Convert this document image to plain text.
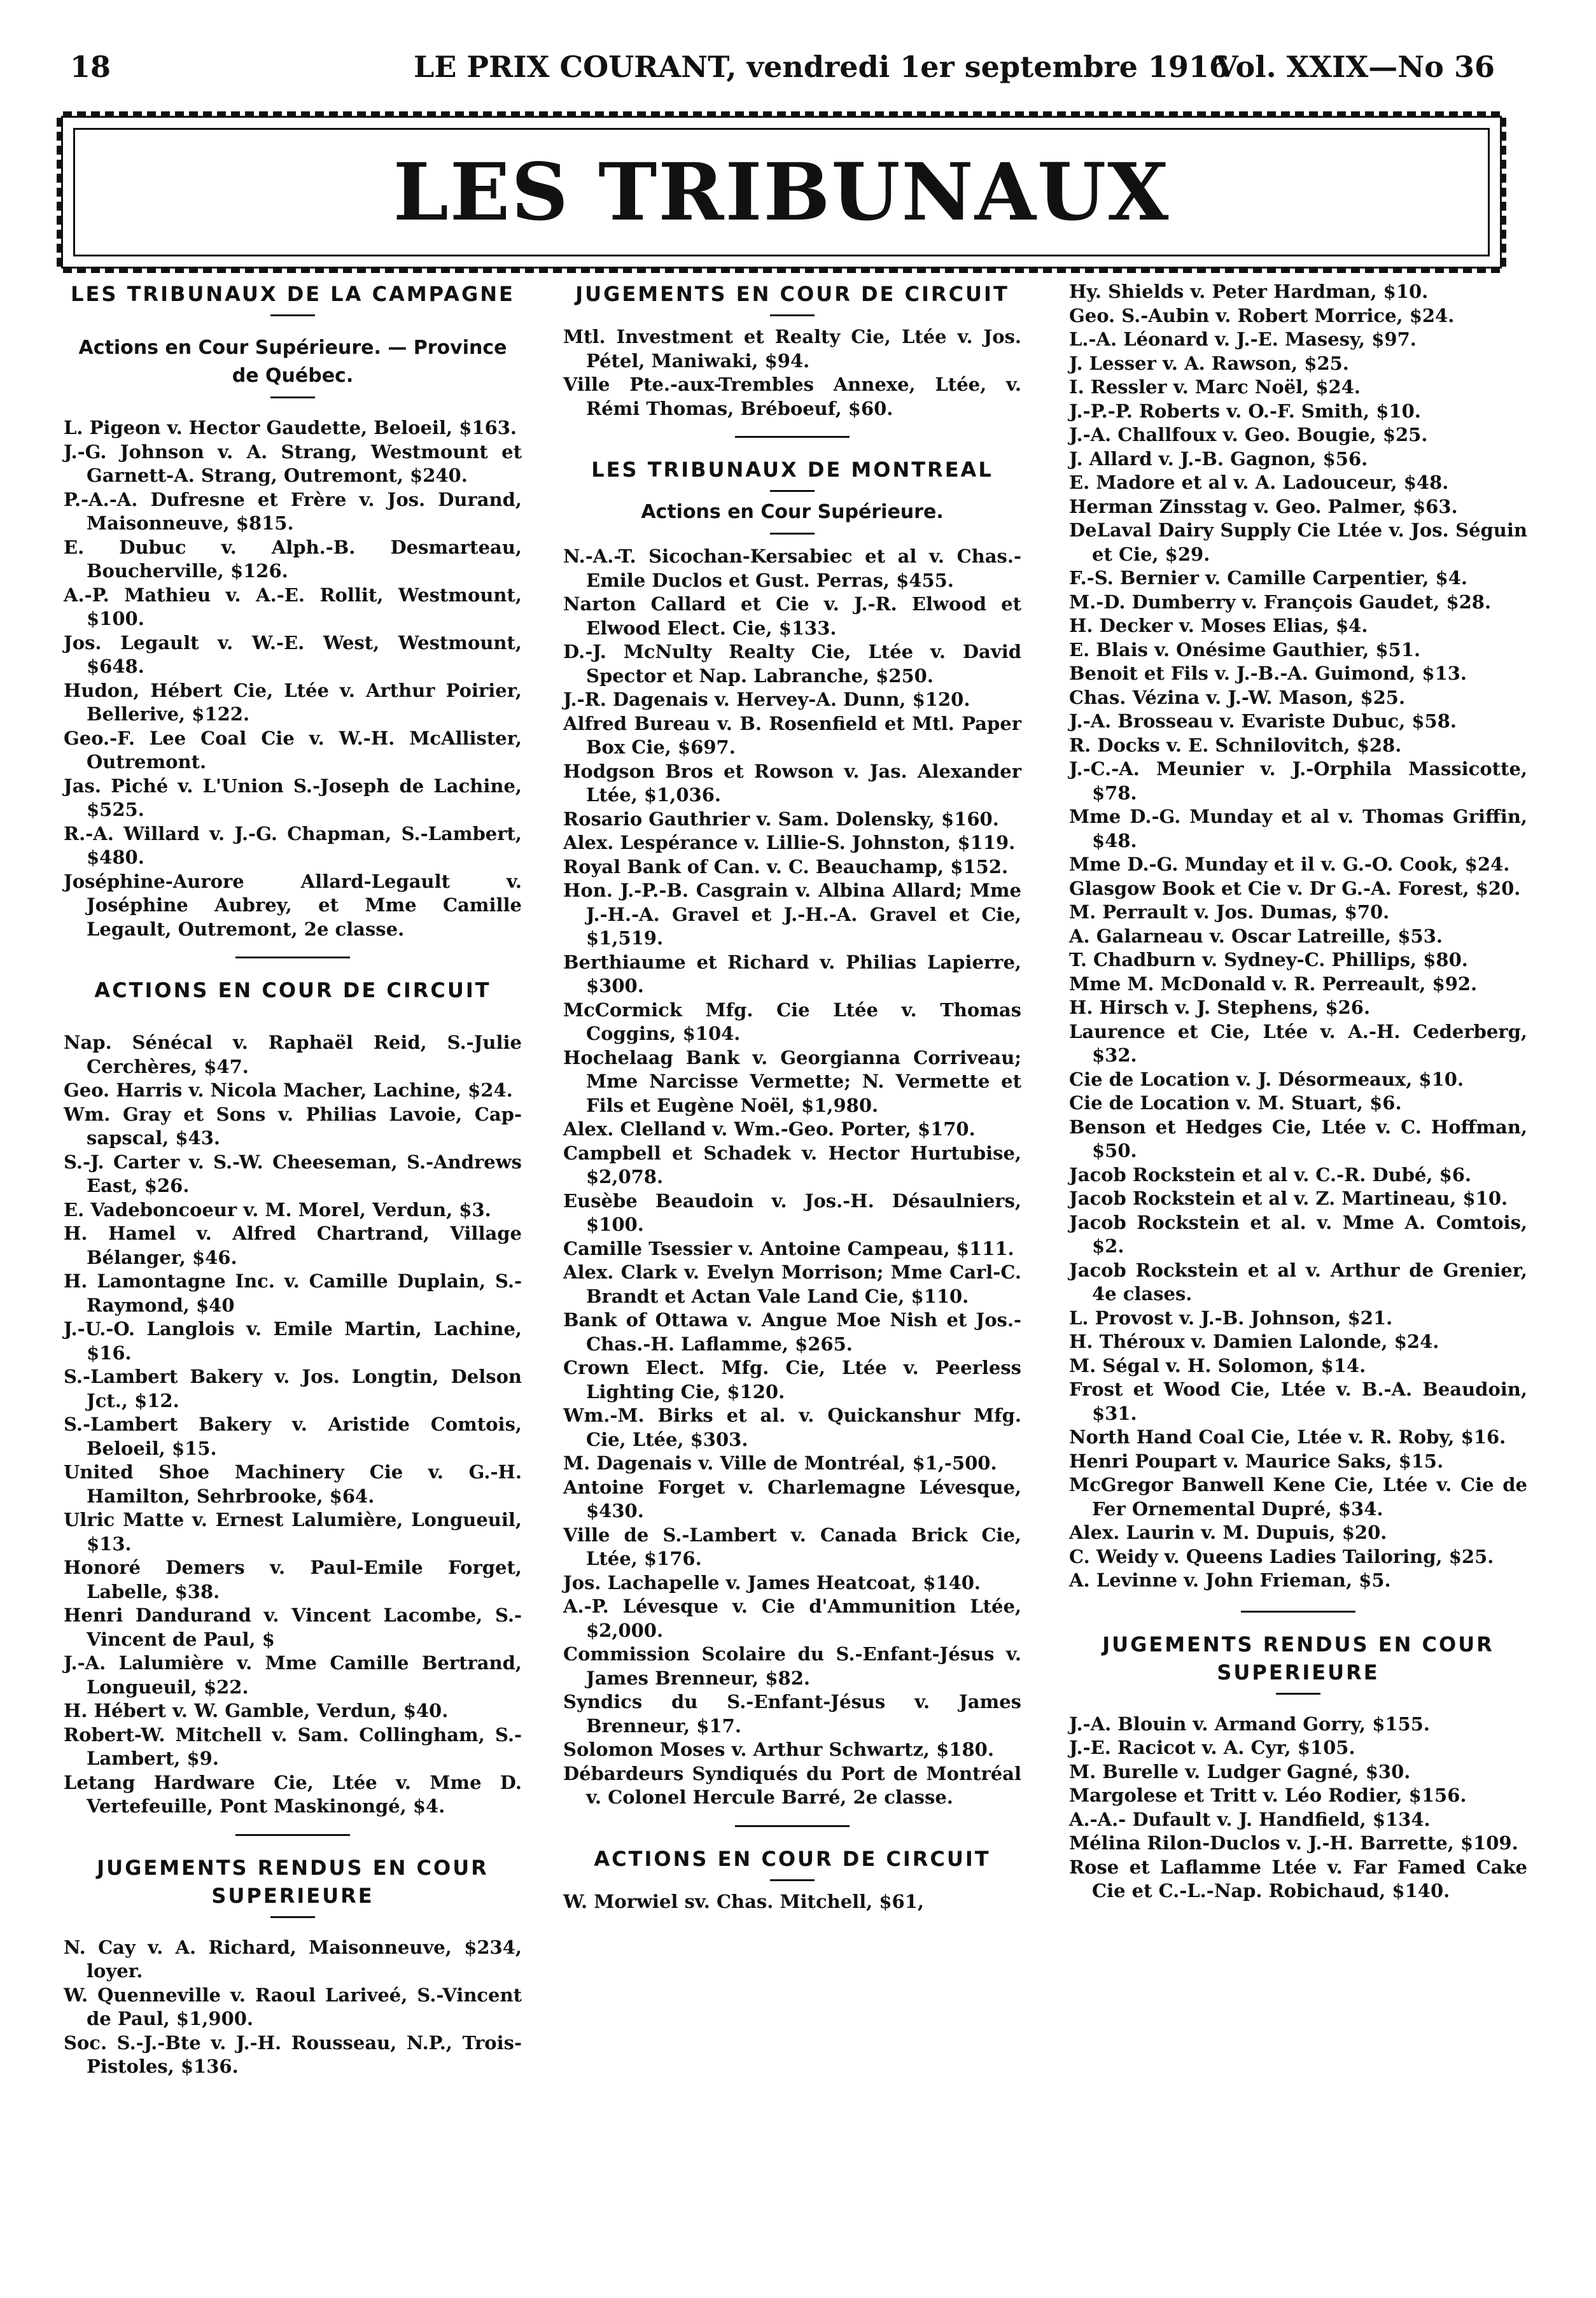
18	LE PRIX COURANT, vendredi 1er septembre 1916
Vol. XXIX—No 36
LES TRIBUNAUX
LES TRIBUNAUX DE LA CAMPAGNE
Actions en Cour Supérieure. — Province de Québec.

L. Pigeon v. Hector Gaudette, Beloeil, $163.

J.-G. Johnson v. A. Strang, Westmount et Garnett-A. Strang, Outremont, $240.

P.-A.-A. Dufresne et Frère v. Jos. Durand, Maisonneuve, $815.

E. Dubuc v. Alph.-B. Desmarteau, Boucherville, $126.

A.-P. Mathieu v. A.-E. Rollit, Westmount, $100.

Jos. Legault v. W.-E. West, Westmount, $648.

Hudon, Hébert Cie, Ltée v. Arthur Poirier, Bellerive, $122.

Geo.-F. Lee Coal Cie v. W.-H. McAllister, Outremont.

Jas. Piché v. L'Union S.-Joseph de Lachine, $525.

R.-A. Willard v. J.-G. Chapman, S.-Lambert, $480.

Joséphine-Aurore Allard-Legault v. Joséphine Aubrey, et Mme Camille Legault, Outremont, 2e classe.

ACTIONS EN COUR DE CIRCUIT

Nap. Sénécal v. Raphaël Reid, S.-Julie Cerchères, $47.

Geo. Harris v. Nicola Macher, Lachine, $24.

Wm. Gray et Sons v. Philias Lavoie, Cap-sapscal, $43.

S.-J. Carter v. S.-W. Cheeseman, S.-Andrews East, $26.

E. Vadeboncoeur v. M. Morel, Verdun, $3.

H. Hamel v. Alfred Chartrand, Village Bélanger, $46.

H. Lamontagne Inc. v. Camille Duplain, S.-Raymond, $40

J.-U.-O. Langlois v. Emile Martin, Lachine, $16.

S.-Lambert Bakery v. Jos. Longtin, Delson Jct., $12.

S.-Lambert Bakery v. Aristide Comtois, Beloeil, $15.

United Shoe Machinery Cie v. G.-H. Hamilton, Sehrbrooke, $64.

Ulric Matte v. Ernest Lalumière, Longueuil, $13.

Honoré Demers v. Paul-Emile Forget, Labelle, $38.

Henri Dandurand v. Vincent Lacombe, S.-Vincent de Paul, $

J.-A. Lalumière v. Mme Camille Bertrand, Longueuil, $22.

H. Hébert v. W. Gamble, Verdun, $40.

Robert-W. Mitchell v. Sam. Collingham, S.-Lambert, $9.

Letang Hardware Cie, Ltée v. Mme D. Vertefeuille, Pont Maskinongé, $4.

JUGEMENTS RENDUS EN COUR SUPERIEURE

N. Cay v. A. Richard, Maisonneuve, $234, loyer.

W. Quenneville v. Raoul Lariveé, S.-Vincent de Paul, $1,900.

Soc. S.-J.-Bte v. J.-H. Rousseau, N.P., Trois-Pistoles, $136.

JUGEMENTS EN COUR DE CIRCUIT

Mtl. Investment et Realty Cie, Ltée v. Jos. Pétel, Maniwaki, $94.

Ville Pte.-aux-Trembles Annexe, Ltée, v. Rémi Thomas, Bréboeuf, $60.

LES TRIBUNAUX DE MONTREAL
Actions en Cour Supérieure.

N.-A.-T. Sicochan-Kersabiec et al v. Chas.-Emile Duclos et Gust. Perras, $455.

Narton Callard et Cie v. J.-R. Elwood et Elwood Elect. Cie, $133.

D.-J. McNulty Realty Cie, Ltée v. David Spector et Nap. Labranche, $250.

J.-R. Dagenais v. Hervey-A. Dunn, $120.

Alfred Bureau v. B. Rosenfield et Mtl. Paper Box Cie, $697.

Hodgson Bros et Rowson v. Jas. Alexander Ltée, $1,036.

Rosario Gauthrier v. Sam. Dolensky, $160.

Alex. Lespérance v. Lillie-S. Johnston, $119.

Royal Bank of Can. v. C. Beauchamp, $152.

Hon. J.-P.-B. Casgrain v. Albina Allard; Mme J.-H.-A. Gravel et J.-H.-A. Gravel et Cie, $1,519.

Berthiaume et Richard v. Philias Lapierre, $300.

McCormick Mfg. Cie Ltée v. Thomas Coggins, $104.

Hochelaag Bank v. Georgianna Corriveau; Mme Narcisse Vermette; N. Vermette et Fils et Eugène Noël, $1,980.

Alex. Clelland v. Wm.-Geo. Porter, $170.

Campbell et Schadek v. Hector Hurtubise, $2,078.

Eusèbe Beaudoin v. Jos.-H. Désaulniers, $100.

Camille Tsessier v. Antoine Campeau, $111.

Alex. Clark v. Evelyn Morrison; Mme Carl-C. Brandt et Actan Vale Land Cie, $110.

Bank of Ottawa v. Angue Moe Nish et Jos.-Chas.-H. Laflamme, $265.

Crown Elect. Mfg. Cie, Ltée v. Peerless Lighting Cie, $120.

Wm.-M. Birks et al. v. Quickanshur Mfg. Cie, Ltée, $303.

M. Dagenais v. Ville de Montréal, $1,-500.

Antoine Forget v. Charlemagne Lévesque, $430.

Ville de S.-Lambert v. Canada Brick Cie, Ltée, $176.

Jos. Lachapelle v. James Heatcoat, $140.

A.-P. Lévesque v. Cie d'Ammunition Ltée, $2,000.

Commission Scolaire du S.-Enfant-Jésus v. James Brenneur, $82.

Syndics du S.-Enfant-Jésus v. James Brenneur, $17.

Solomon Moses v. Arthur Schwartz, $180.

Débardeurs Syndiqués du Port de Montréal v. Colonel Hercule Barré, 2e classe.

ACTIONS EN COUR DE CIRCUIT

W. Morwiel sv. Chas. Mitchell, $61,

Hy. Shields v. Peter Hardman, $10.

Geo. S.-Aubin v. Robert Morrice, $24.

L.-A. Léonard v. J.-E. Masesy, $97.

J. Lesser v. A. Rawson, $25.

I. Ressler v. Marc Noël, $24.

J.-P.-P. Roberts v. O.-F. Smith, $10.

J.-A. Challfoux v. Geo. Bougie, $25.

J. Allard v. J.-B. Gagnon, $56.

E. Madore et al v. A. Ladouceur, $48.

Herman Zinsstag v. Geo. Palmer, $63.

DeLaval Dairy Supply Cie Ltée v. Jos. Séguin et Cie, $29.

F.-S. Bernier v. Camille Carpentier, $4.

M.-D. Dumberry v. François Gaudet, $28.

H. Decker v. Moses Elias, $4.

E. Blais v. Onésime Gauthier, $51.

Benoit et Fils v. J.-B.-A. Guimond, $13.

Chas. Vézina v. J.-W. Mason, $25.

J.-A. Brosseau v. Evariste Dubuc, $58.

R. Docks v. E. Schnilovitch, $28.

J.-C.-A. Meunier v. J.-Orphila Massicotte, $78.

Mme D.-G. Munday et al v. Thomas Griffin, $48.

Mme D.-G. Munday et il v. G.-O. Cook, $24.

Glasgow Book et Cie v. Dr G.-A. Forest, $20.

M. Perrault v. Jos. Dumas, $70.

A. Galarneau v. Oscar Latreille, $53.

T. Chadburn v. Sydney-C. Phillips, $80.

Mme M. McDonald v. R. Perreault, $92.

H. Hirsch v. J. Stephens, $26.

Laurence et Cie, Ltée v. A.-H. Cederberg, $32.

Cie de Location v. J. Désormeaux, $10.

Cie de Location v. M. Stuart, $6.

Benson et Hedges Cie, Ltée v. C. Hoffman, $50.

Jacob Rockstein et al v. C.-R. Dubé, $6.

Jacob Rockstein et al v. Z. Martineau, $10.

Jacob Rockstein et al. v. Mme A. Comtois, $2.

Jacob Rockstein et al v. Arthur de Grenier, 4e clases.

L. Provost v. J.-B. Johnson, $21.

H. Théroux v. Damien Lalonde, $24.

M. Ségal v. H. Solomon, $14.

Frost et Wood Cie, Ltée v. B.-A. Beaudoin, $31.

North Hand Coal Cie, Ltée v. R. Roby, $16.

Henri Poupart v. Maurice Saks, $15.

McGregor Banwell Kene Cie, Ltée v. Cie de Fer Ornemental Dupré, $34.

Alex. Laurin v. M. Dupuis, $20.

C. Weidy v. Queens Ladies Tailoring, $25.

A. Levinne v. John Frieman, $5.

JUGEMENTS RENDUS EN COUR SUPERIEURE

J.-A. Blouin v. Armand Gorry, $155.

J.-E. Racicot v. A. Cyr, $105.

M. Burelle v. Ludger Gagné, $30.

Margolese et Tritt v. Léo Rodier, $156.

A.-A.- Dufault v. J. Handfield, $134.

Mélina Rilon-Duclos v. J.-H. Barrette, $109.

Rose et Laflamme Ltée v. Far Famed Cake Cie et C.-L.-Nap. Robichaud, $140.
